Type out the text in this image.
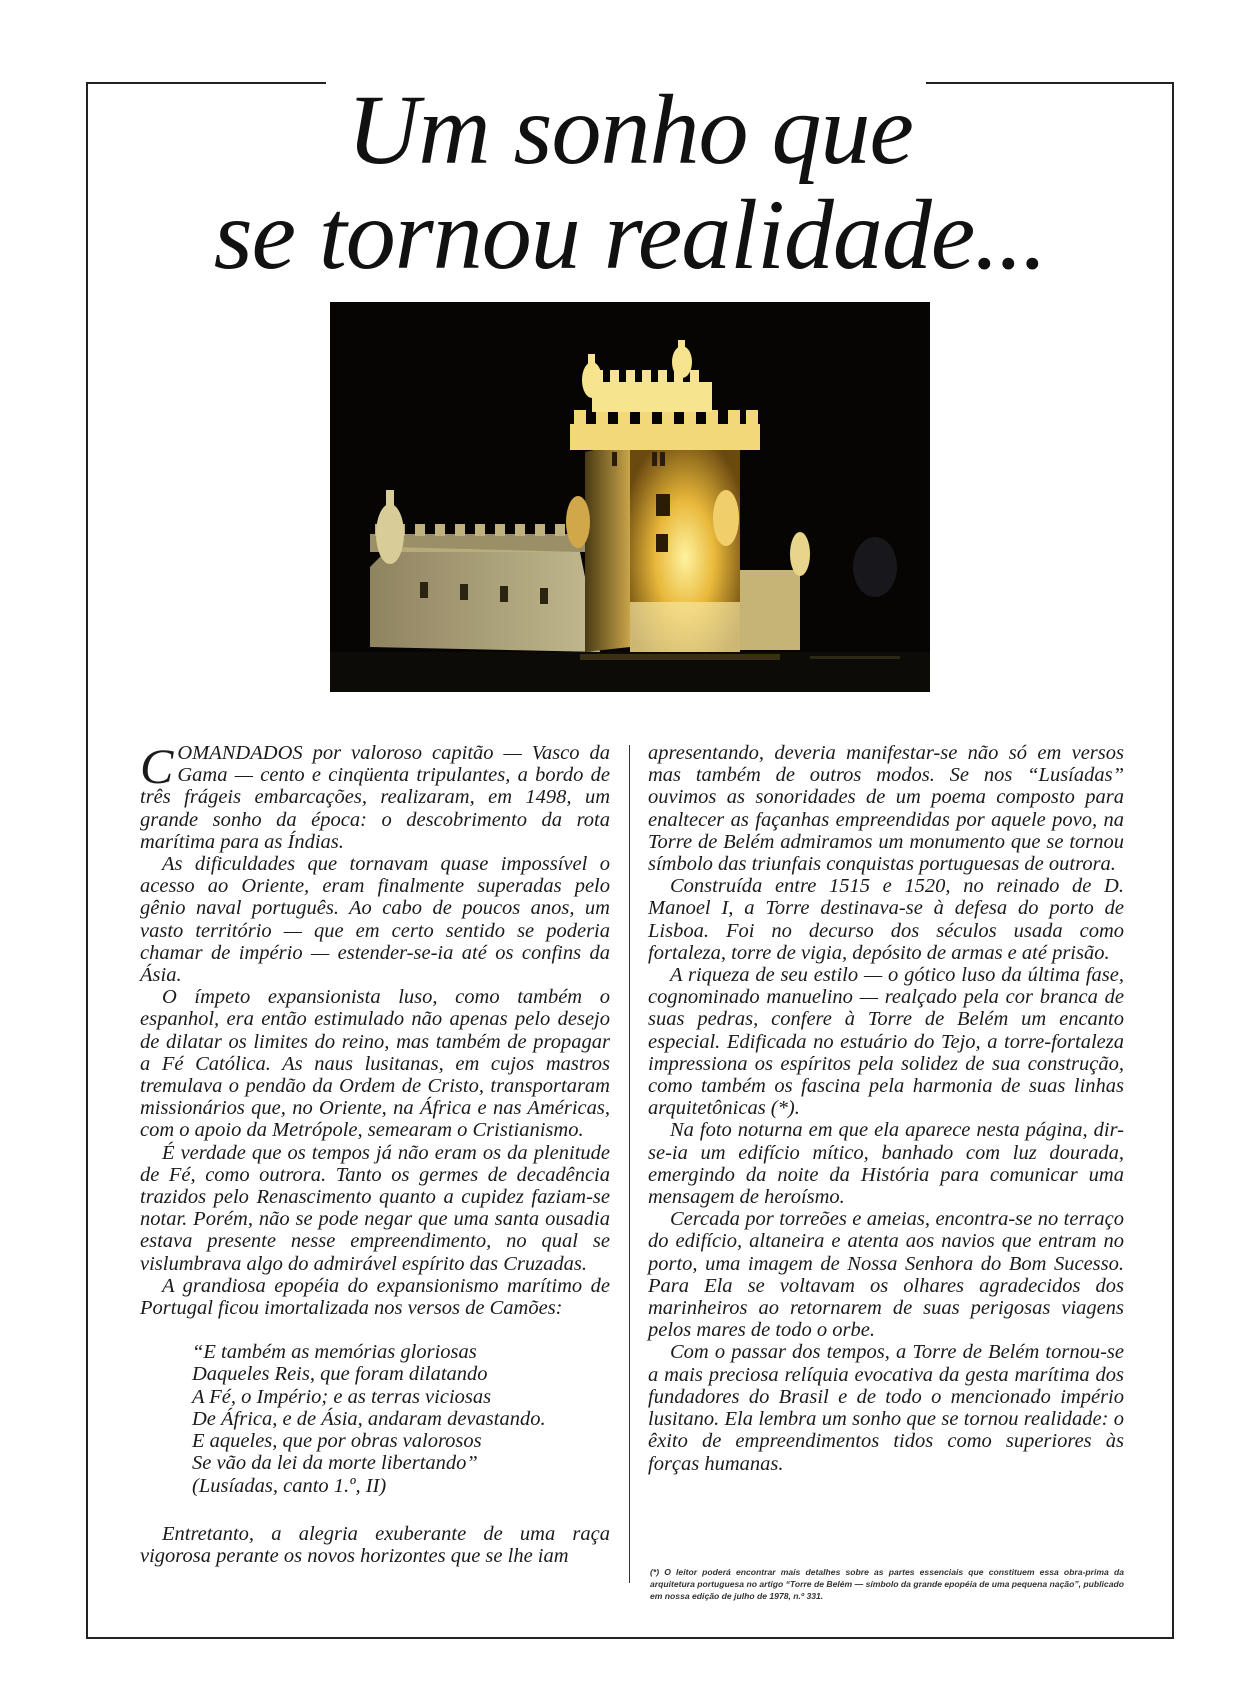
Um sonho que
se tornou realidade...

COMANDADOS por valoroso capitão — Vasco da Gama — cento e cinqüenta tripulantes, a bordo de três frágeis embarcações, realizaram, em 1498, um grande sonho da época: o descobrimento da rota marítima para as Índias.

As dificuldades que tornavam quase impossível o acesso ao Oriente, eram finalmente superadas pelo gênio naval português. Ao cabo de poucos anos, um vasto território — que em certo sentido se poderia chamar de império — estender-se-ia até os confins da Ásia.

O ímpeto expansionista luso, como também o espanhol, era então estimulado não apenas pelo desejo de dilatar os limites do reino, mas também de propagar a Fé Católica. As naus lusitanas, em cujos mastros tremulava o pendão da Ordem de Cristo, transportaram missionários que, no Oriente, na África e nas Américas, com o apoio da Metrópole, semearam o Cristianismo.

É verdade que os tempos já não eram os da plenitude de Fé, como outrora. Tanto os germes de decadência trazidos pelo Renascimento quanto a cupidez faziam-se notar. Porém, não se pode negar que uma santa ousadia estava presente nesse empreendimento, no qual se vislumbrava algo do admirável espírito das Cruzadas.

A grandiosa epopéia do expansionismo marítimo de Portugal ficou imortalizada nos versos de Camões:

“E também as memórias gloriosas
Daqueles Reis, que foram dilatando
A Fé, o Império; e as terras viciosas
De África, e de Ásia, andaram devastando.
E aqueles, que por obras valorosos
Se vão da lei da morte libertando”
(Lusíadas, canto 1.º, II)

Entretanto, a alegria exuberante de uma raça vigorosa perante os novos horizontes que se lhe iam

apresentando, deveria manifestar-se não só em versos mas também de outros modos. Se nos “Lusíadas” ouvimos as sonoridades de um poema composto para enaltecer as façanhas empreendidas por aquele povo, na Torre de Belém admiramos um monumento que se tornou símbolo das triunfais conquistas portuguesas de outrora.

Construída entre 1515 e 1520, no reinado de D. Manoel I, a Torre destinava-se à defesa do porto de Lisboa. Foi no decurso dos séculos usada como fortaleza, torre de vigia, depósito de armas e até prisão.

A riqueza de seu estilo — o gótico luso da última fase, cognominado manuelino — realçado pela cor branca de suas pedras, confere à Torre de Belém um encanto especial. Edificada no estuário do Tejo, a torre-fortaleza impressiona os espíritos pela solidez de sua construção, como também os fascina pela harmonia de suas linhas arquitetônicas (*).

Na foto noturna em que ela aparece nesta página, dir-se-ia um edifício mítico, banhado com luz dourada, emergindo da noite da História para comunicar uma mensagem de heroísmo.

Cercada por torreões e ameias, encontra-se no terraço do edifício, altaneira e atenta aos navios que entram no porto, uma imagem de Nossa Senhora do Bom Sucesso. Para Ela se voltavam os olhares agradecidos dos marinheiros ao retornarem de suas perigosas viagens pelos mares de todo o orbe.

Com o passar dos tempos, a Torre de Belém tornou-se a mais preciosa relíquia evocativa da gesta marítima dos fundadores do Brasil e de todo o mencionado império lusitano. Ela lembra um sonho que se tornou realidade: o êxito de empreendimentos tidos como superiores às forças humanas.

(*) O leitor poderá encontrar mais detalhes sobre as partes essenciais que constituem essa obra-prima da arquitetura portuguesa no artigo “Torre de Belém — símbolo da grande epopéia de uma pequena nação”, publicado em nossa edição de julho de 1978, n.º 331.
